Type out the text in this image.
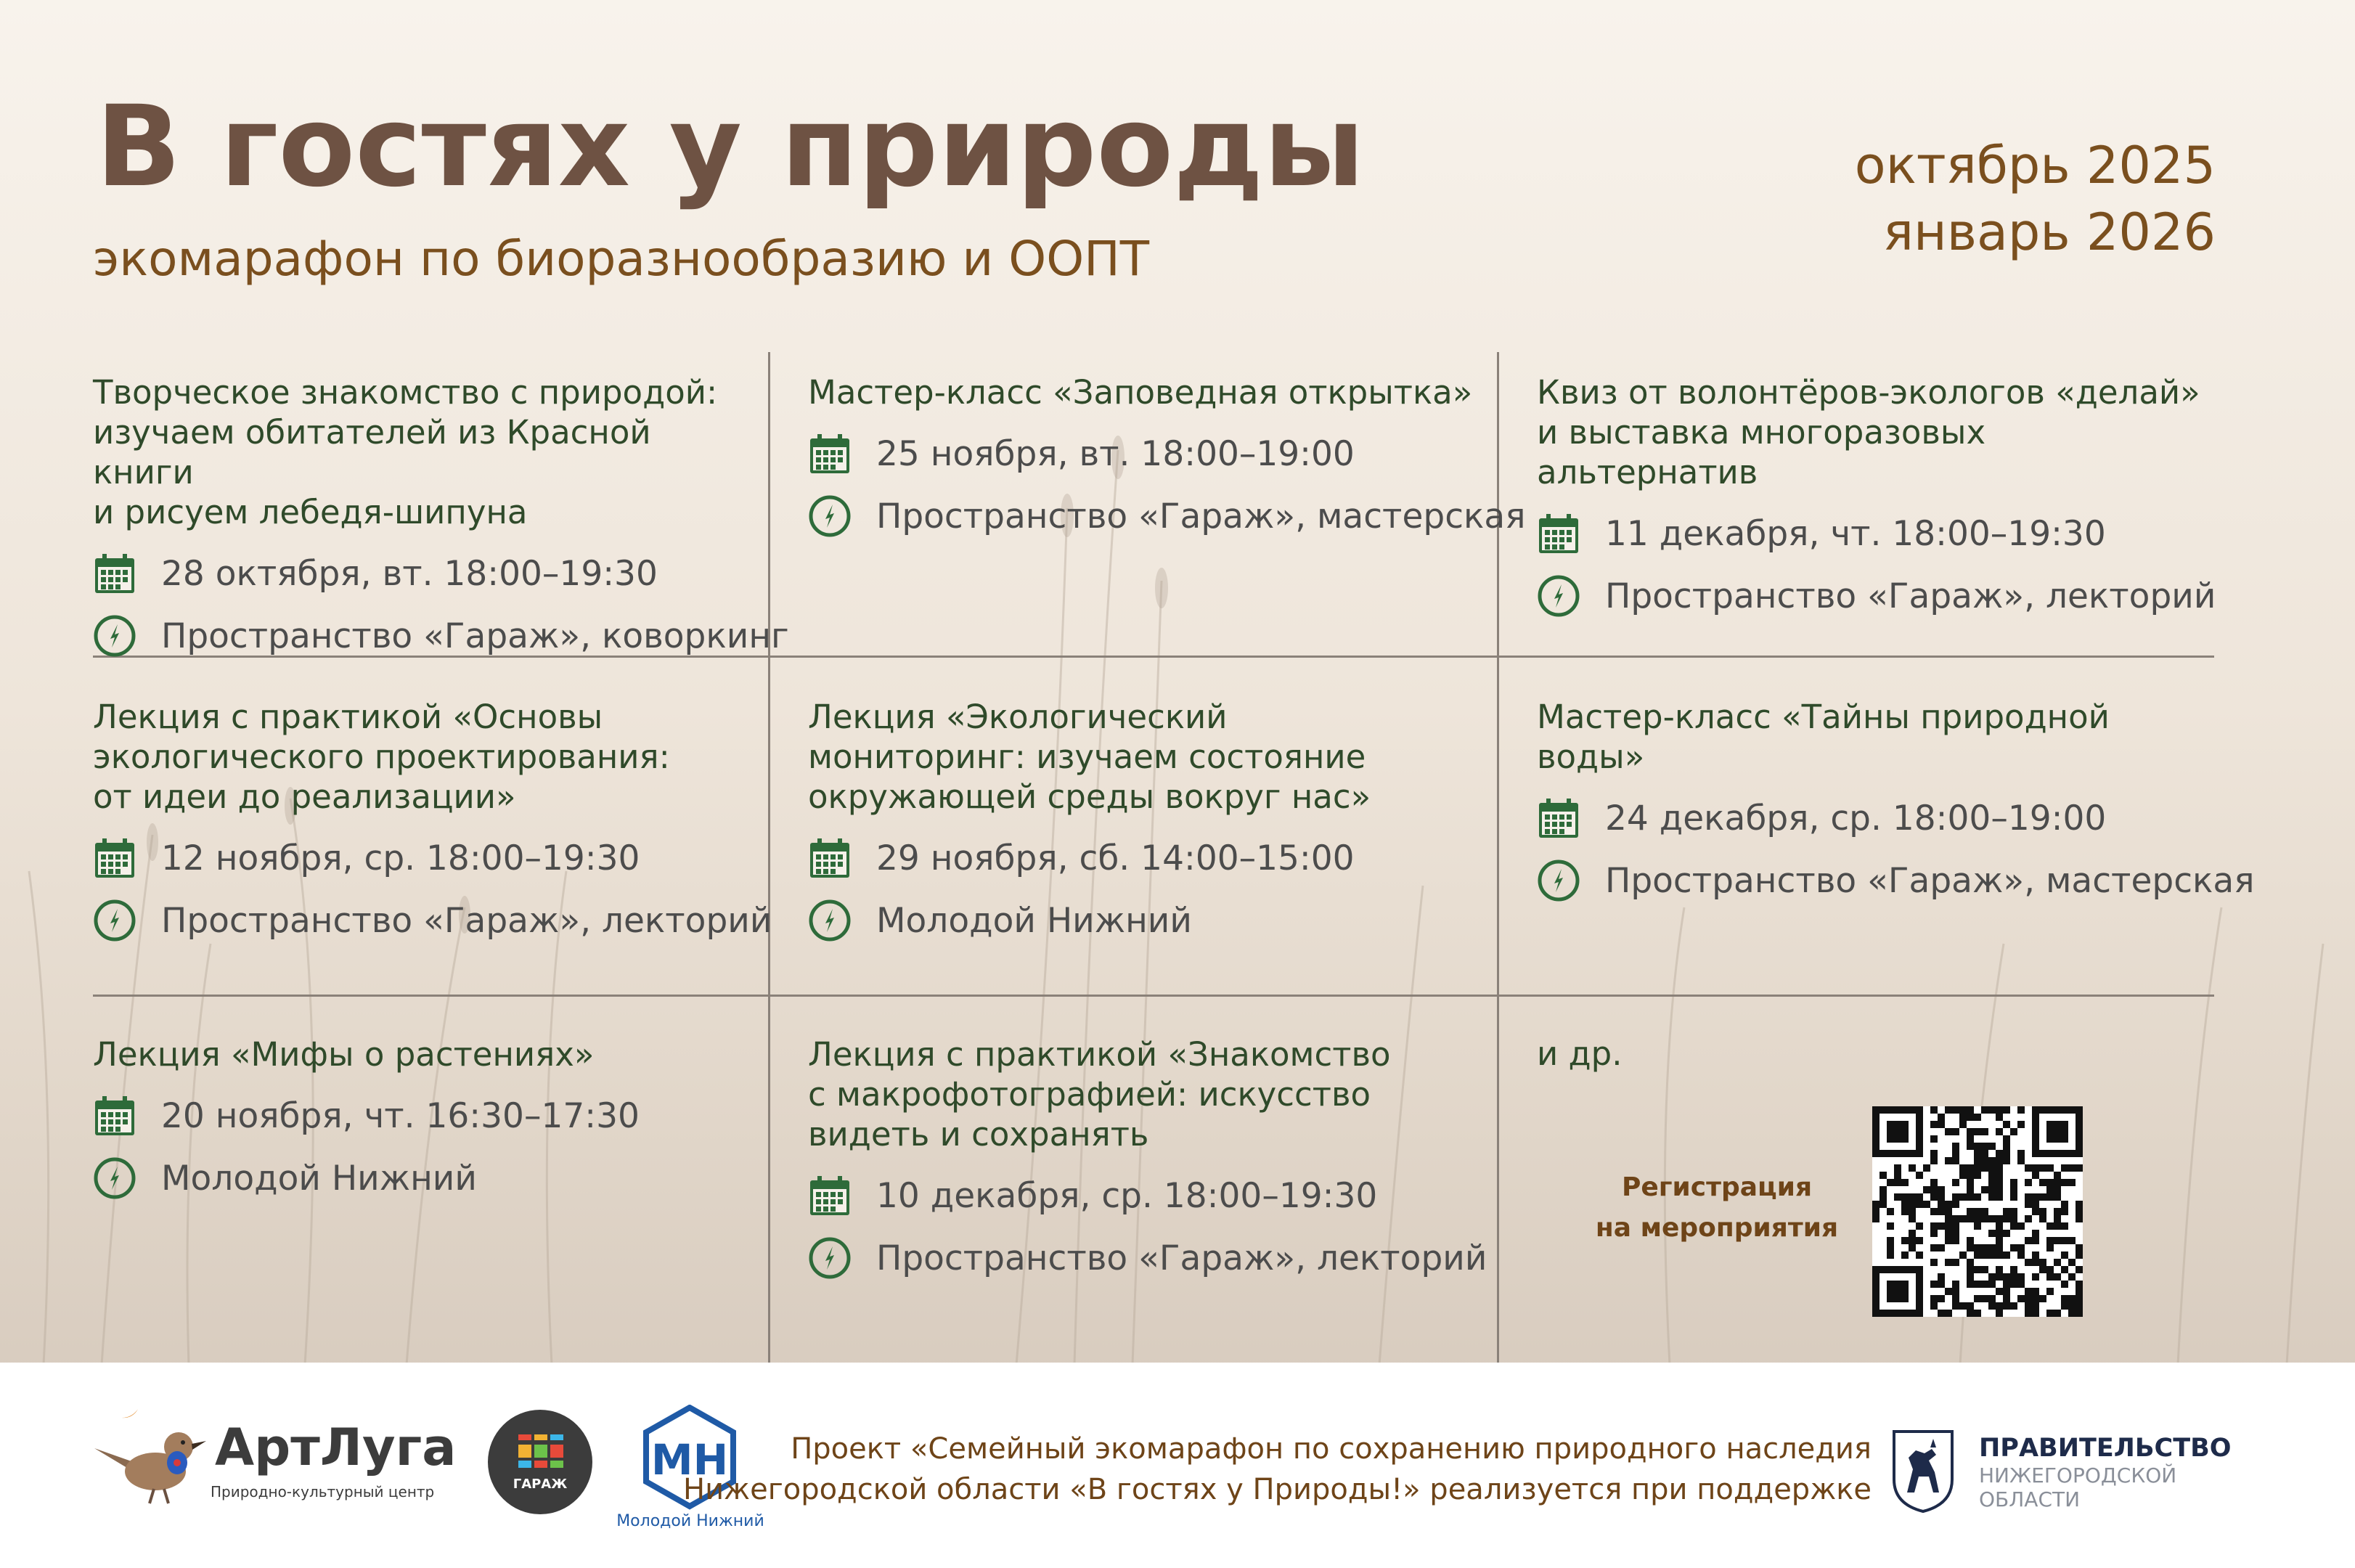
В гостях у природы
экомарафон по биоразнообразию и ООПТ
октябрь 2025
январь 2026
Творческое знакомство с природой:
изучаем обитателей из Красной книги
и рисуем лебедя-шипуна
28 октября, вт. 18:00–19:30
Пространство «Гараж», коворкинг
Мастер-класс «Заповедная открытка»
25 ноября, вт. 18:00–19:00
Пространство «Гараж», мастерская
Квиз от волонтёров-экологов «делай»
и выставка многоразовых альтернатив
11 декабря, чт. 18:00–19:30
Пространство «Гараж», лекторий
Лекция с практикой «Основы
экологического проектирования:
от идеи до реализации»
12 ноября, ср. 18:00–19:30
Пространство «Гараж», лекторий
Лекция «Экологический
мониторинг: изучаем состояние
окружающей среды вокруг нас»
29 ноября, сб. 14:00–15:00
Молодой Нижний
Мастер-класс «Тайны природной воды»
24 декабря, ср. 18:00–19:00
Пространство «Гараж», мастерская
Лекция «Мифы о растениях»
20 ноября, чт. 16:30–17:30
Молодой Нижний
Лекция с практикой «Знакомство
с макрофотографией: искусство
видеть и сохранять
10 декабря, ср. 18:00–19:30
Пространство «Гараж», лекторий
и др.
Регистрация
на мероприятия
АртЛуга
Природно-культурный центр	ГАРАЖ МН
Молодой Нижний
Проект «Семейный экомарафон по сохранению природного наследия
Нижегородской области «В гостях у Природы!» реализуется при поддержке
ПРАВИТЕЛЬСТВО
НИЖЕГОРОДСКОЙ
ОБЛАСТИ
